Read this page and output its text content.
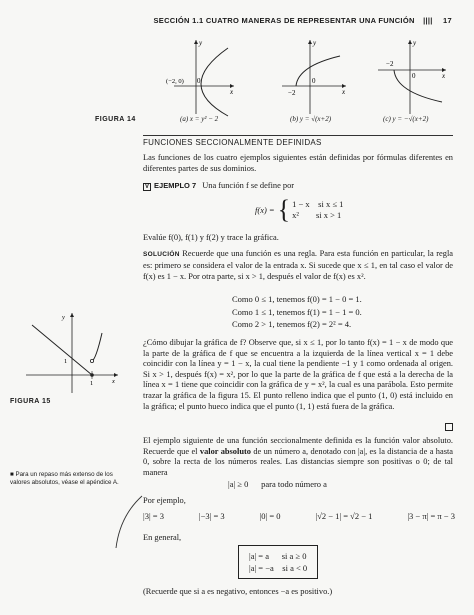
SECCIÓN 1.1 CUATRO MANERAS DE REPRESENTAR UNA FUNCIÓN |||| 17
y
x
0
(−2, 0)
y
x
0
−2
y
x
0
−2
FIGURA 14	(a) x = y² − 2	(b) y = √(x+2)	(c) y = −√(x+2)
FUNCIONES SECCIONALMENTE DEFINIDAS

Las funciones de los cuatro ejemplos siguientes están definidas por fórmulas diferentes en diferentes partes de sus dominios.

V EJEMPLO 7 Una función f se define por
f(x) = { 1 − x    si x ≤ 1
x²        si x > 1

Evalúe f(0), f(1) y f(2) y trace la gráfica.

SOLUCIÓN Recuerde que una función es una regla. Para esta función en particular, la regla es: primero se considera el valor de la entrada x. Si sucede que x ≤ 1, en tal caso el valor de f(x) es 1 − x. Por otra parte, si x > 1, después el valor de f(x) es x².

Como 0 ≤ 1, tenemos f(0) = 1 − 0 = 1.
Como 1 ≤ 1, tenemos f(1) = 1 − 1 = 0.
Como 2 > 1, tenemos f(2) = 2² = 4.

¿Cómo dibujar la gráfica de f? Observe que, si x ≤ 1, por lo tanto f(x) = 1 − x de modo que la parte de la gráfica de f que se encuentra a la izquierda de la línea vertical x = 1 debe coincidir con la línea y = 1 − x, la cual tiene la pendiente −1 y 1 como ordenada al origen. Si x > 1, después f(x) = x², por lo que la parte de la gráfica de f que está a la derecha de la línea x = 1 tiene que coincidir con la gráfica de y = x², la cual es una parábola. Esto permite trazar la gráfica de la figura 15. El punto relleno indica que el punto (1, 0) está incluido en la gráfica; el punto hueco indica que el punto (1, 1) está fuera de la gráfica.

y
1
1	x
FIGURA 15

El ejemplo siguiente de una función seccionalmente definida es la función valor absoluto. Recuerde que el valor absoluto de un número a, denotado con |a|, es la distancia de a hasta 0, sobre la recta de los números reales. Las distancias siempre son positivas o 0; de tal manera

|a| ≥ 0      para todo número a
■ Para un repaso más extenso de los valores absolutos, véase el apéndice A.

Por ejemplo,

|3| = 3	|−3| = 3	|0| = 0	|√2 − 1| = √2 − 1	|3 − π| = π − 3

En general,

|a| = a      si a ≥ 0
|a| = −a    si a < 0

(Recuerde que si a es negativo, entonces −a es positivo.)
